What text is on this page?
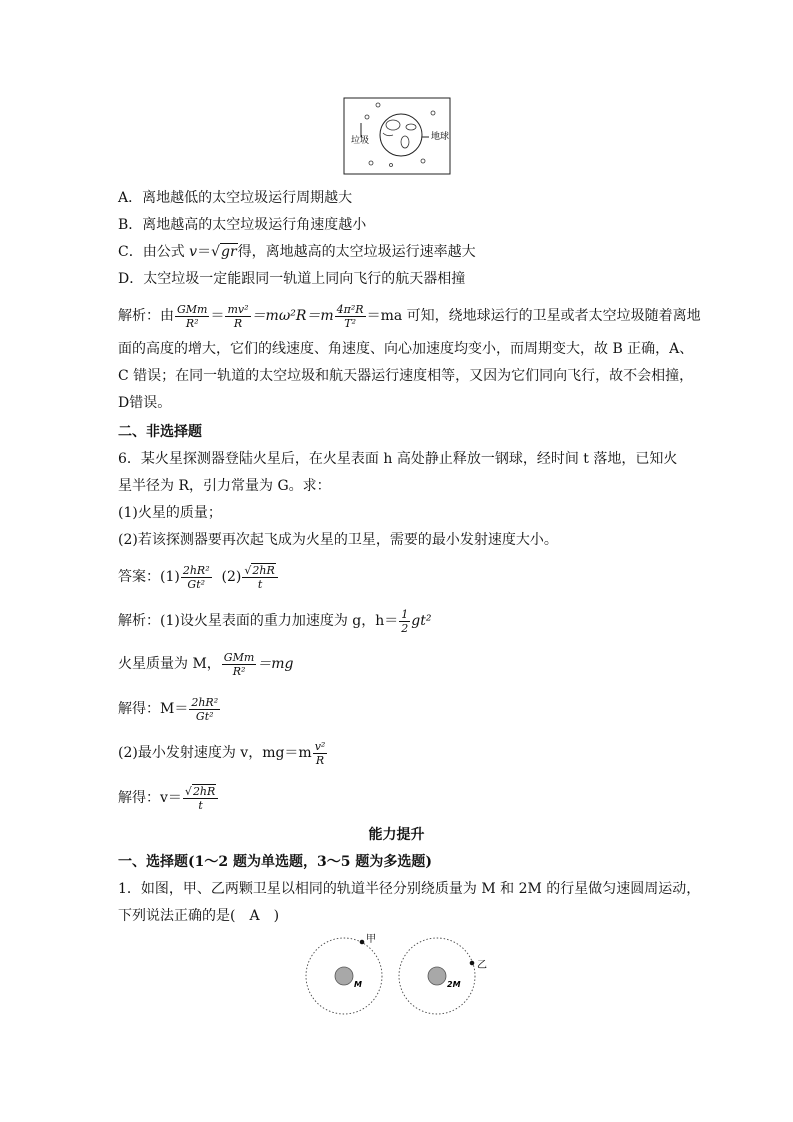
垃圾	地球
A．离地越低的太空垃圾运行周期越大
B．离地越高的太空垃圾运行角速度越小
C．由公式 v＝√gr得，离地越高的太空垃圾运行速率越大
D．太空垃圾一定能跟同一轨道上同向飞行的航天器相撞
解析：由 $\frac{\text{GMm}}{\text{R²}} = \frac{\text{mv²}}{R} =m\omega^2R=m \frac{\text{4π²R}}{\text{T²}} =ma$ 可知，绕地球运行的卫星或者太空垃圾随着离地
面的高度的增大，它们的线速度、角速度、向心加速度均变小，而周期变大，故 B 正确，A、
C 错误；在同一轨道的太空垃圾和航天器运行速度相等，又因为它们同向飞行，故不会相撞，
D错误。
二、非选择题
6．某火星探测器登陆火星后，在火星表面 h 高处静止释放一钢球，经时间 t 落地，已知火
星半径为 R，引力常量为 G。求：
(1)火星的质量；
(2)若该探测器要再次起飞成为火星的卫星，需要的最小发射速度大小。
答案：$(1) \frac{\text{2hR²}}{\text{Gt²}} (2) \frac{√2hR}{t}$
解析：(1)设火星表面的重力加速度为 g，$h= \frac{1}{2} gt^2$
火星质量为 M， $\frac{\text{GMm}}{\text{R²}} =mg$
解得：$M= \frac{\text{2hR²}}{\text{Gt²}}$
(2)最小发射速度为 v，$mg=m \frac{\text{v²}}{R}$
解得：$v= \frac{√2hR}{t}$
能力提升
一、选择题(1～2 题为单选题，3～5 题为多选题)
1．如图，甲、乙两颗卫星以相同的轨道半径分别绕质量为 M 和 2M 的行星做匀速圆周运动，
下列说法正确的是(　A　)
甲
M
乙
2M
